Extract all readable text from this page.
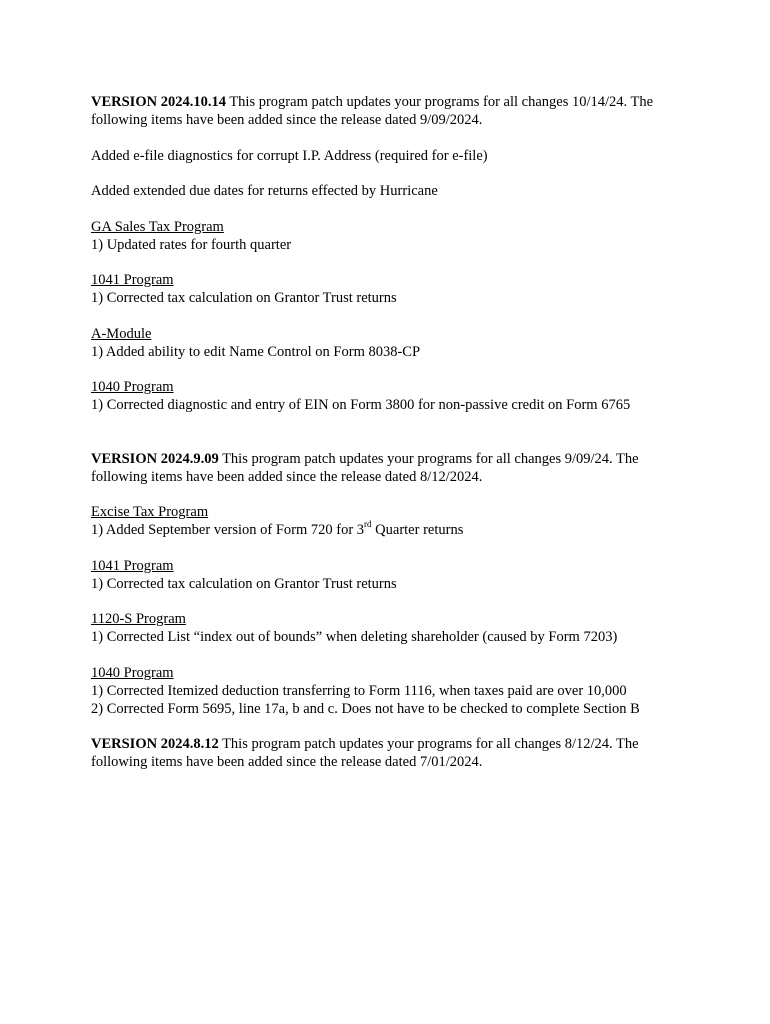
VERSION 2024.10.14 This program patch updates your programs for all changes 10/14/24. The
following items have been added since the release dated 9/09/2024.
Added e-file diagnostics for corrupt I.P. Address (required for e-file)
Added extended due dates for returns effected by Hurricane
GA Sales Tax Program
1) Updated rates for fourth quarter
1041 Program
1) Corrected tax calculation on Grantor Trust returns
A-Module
1) Added ability to edit Name Control on Form 8038-CP
1040 Program
1) Corrected diagnostic and entry of EIN on Form 3800 for non-passive credit on Form 6765
VERSION 2024.9.09 This program patch updates your programs for all changes 9/09/24. The
following items have been added since the release dated 8/12/2024.
Excise Tax Program
1) Added September version of Form 720 for 3rd Quarter returns
1041 Program
1) Corrected tax calculation on Grantor Trust returns
1120-S Program
1) Corrected List “index out of bounds” when deleting shareholder (caused by Form 7203)
1040 Program
1) Corrected Itemized deduction transferring to Form 1116, when taxes paid are over 10,000
2) Corrected Form 5695, line 17a, b and c. Does not have to be checked to complete Section B
VERSION 2024.8.12 This program patch updates your programs for all changes 8/12/24. The
following items have been added since the release dated 7/01/2024.
